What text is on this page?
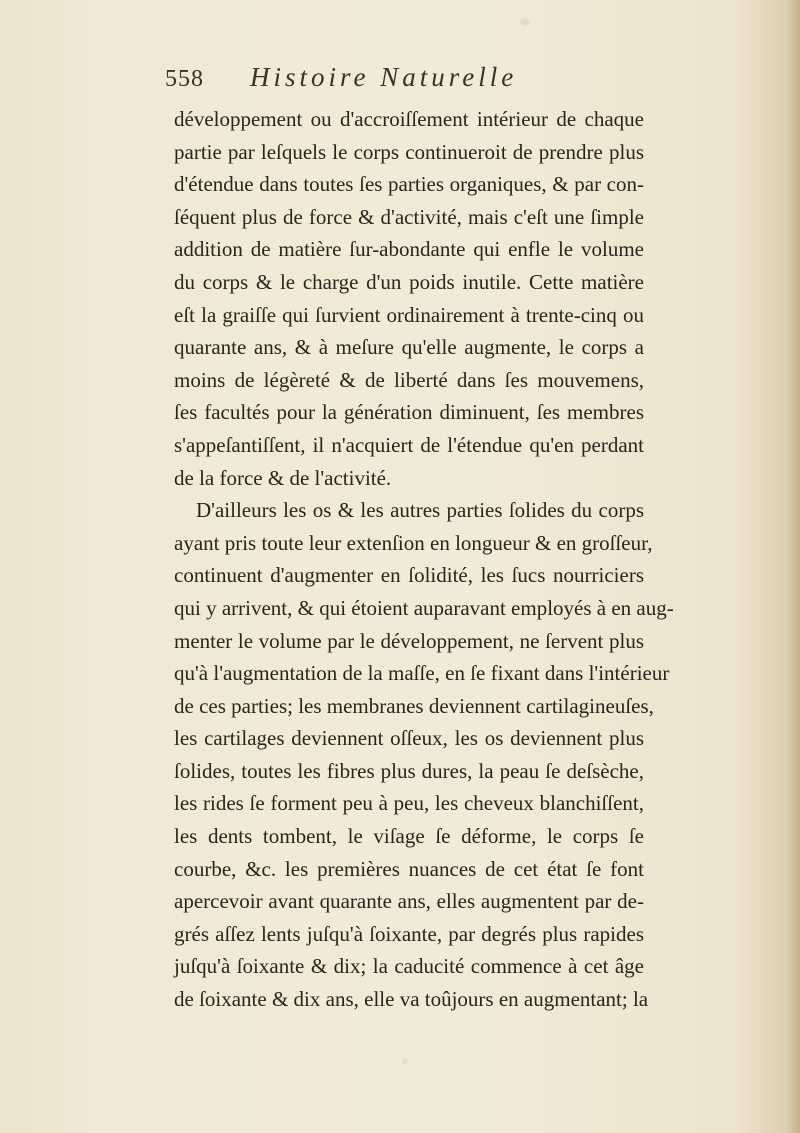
558 Histoire Naturelle
développement ou d'accroiſſement intérieur de chaque
partie par leſquels le corps continueroit de prendre plus
d'étendue dans toutes ſes parties organiques, & par con-
ſéquent plus de force & d'activité, mais c'eſt une ſimple
addition de matière ſur-abondante qui enfle le volume
du corps & le charge d'un poids inutile. Cette matière
eſt la graiſſe qui ſurvient ordinairement à trente-cinq ou
quarante ans, & à meſure qu'elle augmente, le corps a
moins de légèreté & de liberté dans ſes mouvemens,
ſes facultés pour la génération diminuent, ſes membres
s'appeſantiſſent, il n'acquiert de l'étendue qu'en perdant
de la force & de l'activité.
D'ailleurs les os & les autres parties ſolides du corps
ayant pris toute leur extenſion en longueur & en groſſeur,
continuent d'augmenter en ſolidité, les ſucs nourriciers
qui y arrivent, & qui étoient auparavant employés à en aug-
menter le volume par le développement, ne ſervent plus
qu'à l'augmentation de la maſſe, en ſe fixant dans l'intérieur
de ces parties; les membranes deviennent cartilagineuſes,
les cartilages deviennent oſſeux, les os deviennent plus
ſolides, toutes les fibres plus dures, la peau ſe deſsèche,
les rides ſe forment peu à peu, les cheveux blanchiſſent,
les dents tombent, le viſage ſe déforme, le corps ſe
courbe, &c. les premières nuances de cet état ſe font
apercevoir avant quarante ans, elles augmentent par de-
grés aſſez lents juſqu'à ſoixante, par degrés plus rapides
juſqu'à ſoixante & dix; la caducité commence à cet âge
de ſoixante & dix ans, elle va toûjours en augmentant; la
